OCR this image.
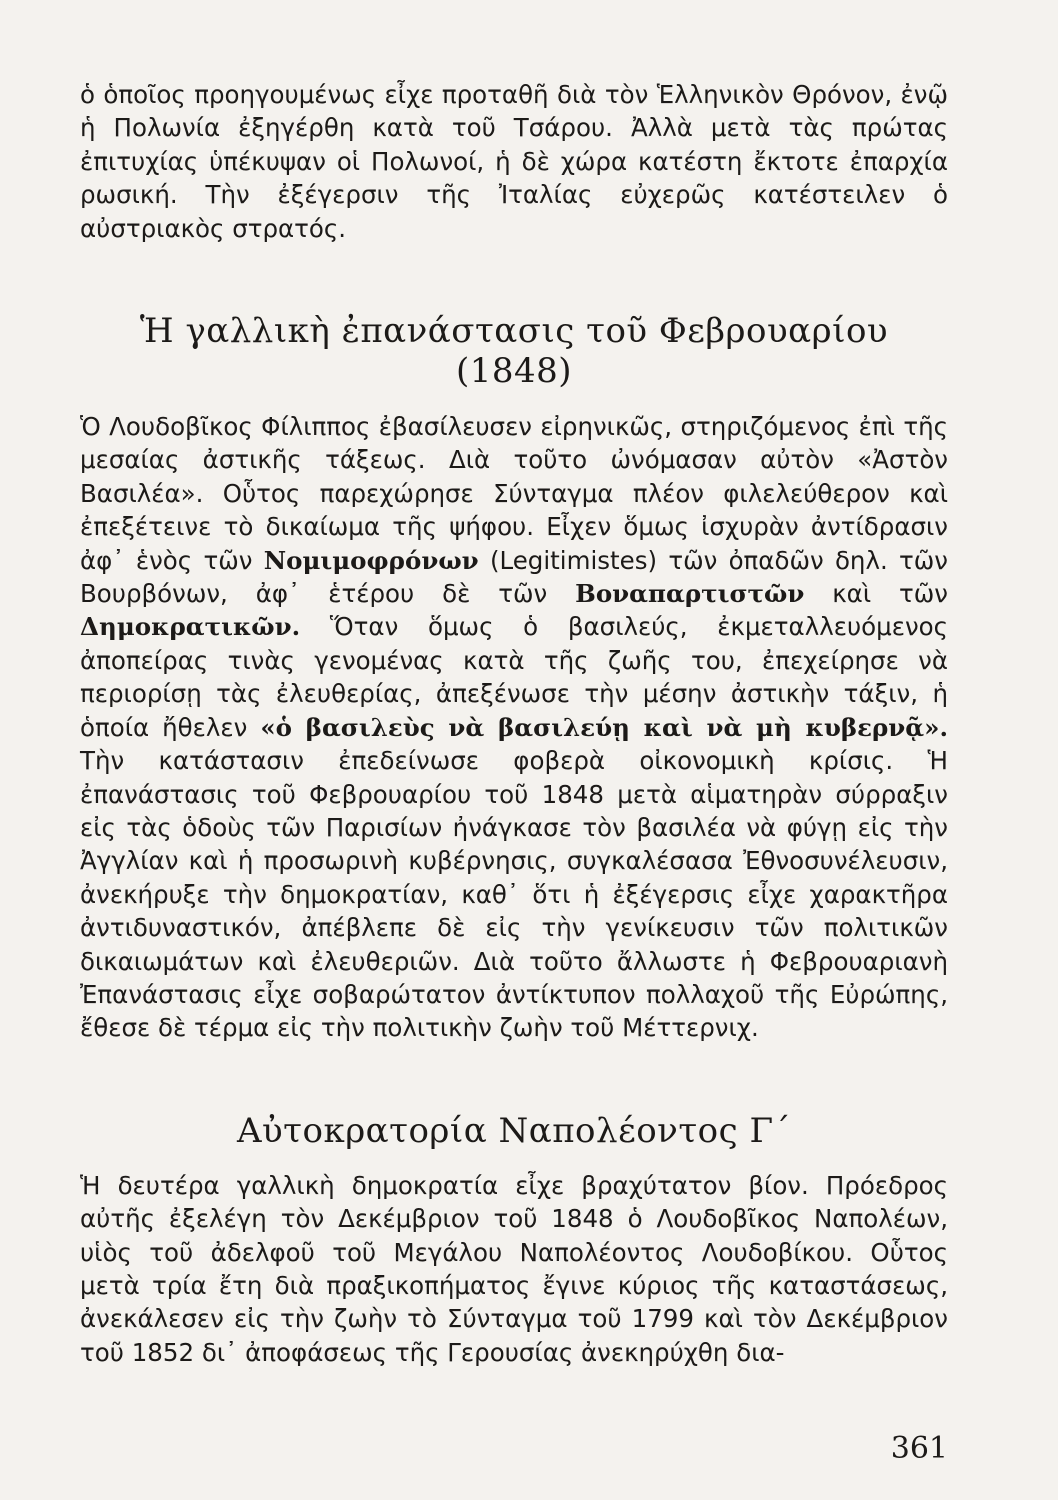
ὁ ὁποῖος προηγουμένως εἶχε προταθῆ διὰ τὸν Ἑλληνικὸν Θρόνον, ἐνῷ ἡ Πολωνία ἐξηγέρθη κατὰ τοῦ Τσάρου. Ἀλλὰ μετὰ τὰς πρώτας ἐπιτυχίας ὑπέκυψαν οἱ Πολωνοί, ἡ δὲ χώρα κατέστη ἔκτοτε ἐπαρχία ρωσική. Τὴν ἐξέγερσιν τῆς Ἰταλίας εὐχερῶς κατέστειλεν ὁ αὐστριακὸς στρατός.

Ἡ γαλλικὴ ἐπανάστασις τοῦ Φεβρουαρίου (1848)

Ὁ Λουδοβῖκος Φίλιππος ἐβασίλευσεν εἰρηνικῶς, στηριζόμενος ἐπὶ τῆς μεσαίας ἀστικῆς τάξεως. Διὰ τοῦτο ὠνόμασαν αὐτὸν «Ἀστὸν Βασιλέα». Οὗτος παρεχώρησε Σύνταγμα πλέον φιλελεύθερον καὶ ἐπεξέτεινε τὸ δικαίωμα τῆς ψήφου. Εἶχεν ὅμως ἰσχυρὰν ἀντίδρασιν ἀφ᾽ ἑνὸς τῶν Νομιμοφρόνων (Legitimistes) τῶν ὀπαδῶν δηλ. τῶν Βουρβόνων, ἀφ᾽ ἑτέρου δὲ τῶν Βοναπαρτιστῶν καὶ τῶν Δημοκρατικῶν. Ὅταν ὅμως ὁ βασιλεύς, ἐκμεταλλευόμενος ἀποπείρας τινὰς γενομένας κατὰ τῆς ζωῆς του, ἐπεχείρησε νὰ περιορίσῃ τὰς ἐλευθερίας, ἀπεξένωσε τὴν μέσην ἀστικὴν τάξιν, ἡ ὁποία ἤθελεν «ὁ βασιλεὺς νὰ βασιλεύῃ καὶ νὰ μὴ κυβερνᾷ». Τὴν κατάστασιν ἐπεδείνωσε φοβερὰ οἰκονομικὴ κρίσις. Ἡ ἐπανάστασις τοῦ Φεβρουαρίου τοῦ 1848 μετὰ αἱματηρὰν σύρραξιν εἰς τὰς ὁδοὺς τῶν Παρισίων ἠνάγκασε τὸν βασιλέα νὰ φύγῃ εἰς τὴν Ἀγγλίαν καὶ ἡ προσωρινὴ κυβέρνησις, συγκαλέσασα Ἐθνοσυνέλευσιν, ἀνεκήρυξε τὴν δημοκρατίαν, καθ᾽ ὅτι ἡ ἐξέγερσις εἶχε χαρακτῆρα ἀντιδυναστικόν, ἀπέβλεπε δὲ εἰς τὴν γενίκευσιν τῶν πολιτικῶν δικαιωμάτων καὶ ἐλευθεριῶν. Διὰ τοῦτο ἄλλωστε ἡ Φεβρουαριανὴ Ἐπανάστασις εἶχε σοβαρώτατον ἀντίκτυπον πολλαχοῦ τῆς Εὐρώπης, ἔθεσε δὲ τέρμα εἰς τὴν πολιτικὴν ζωὴν τοῦ Μέττερνιχ.

Αὐτοκρατορία Ναπολέοντος Γ΄

Ἡ δευτέρα γαλλικὴ δημοκρατία εἶχε βραχύτατον βίον. Πρόεδρος αὐτῆς ἐξελέγη τὸν Δεκέμβριον τοῦ 1848 ὁ Λουδοβῖκος Ναπολέων, υἱὸς τοῦ ἀδελφοῦ τοῦ Μεγάλου Ναπολέοντος Λουδοβίκου. Οὗτος μετὰ τρία ἔτη διὰ πραξικοπήματος ἔγινε κύριος τῆς καταστάσεως, ἀνεκάλεσεν εἰς τὴν ζωὴν τὸ Σύνταγμα τοῦ 1799 καὶ τὸν Δεκέμβριον τοῦ 1852 δι᾽ ἀποφάσεως τῆς Γερουσίας ἀνεκηρύχθη δια-

361
